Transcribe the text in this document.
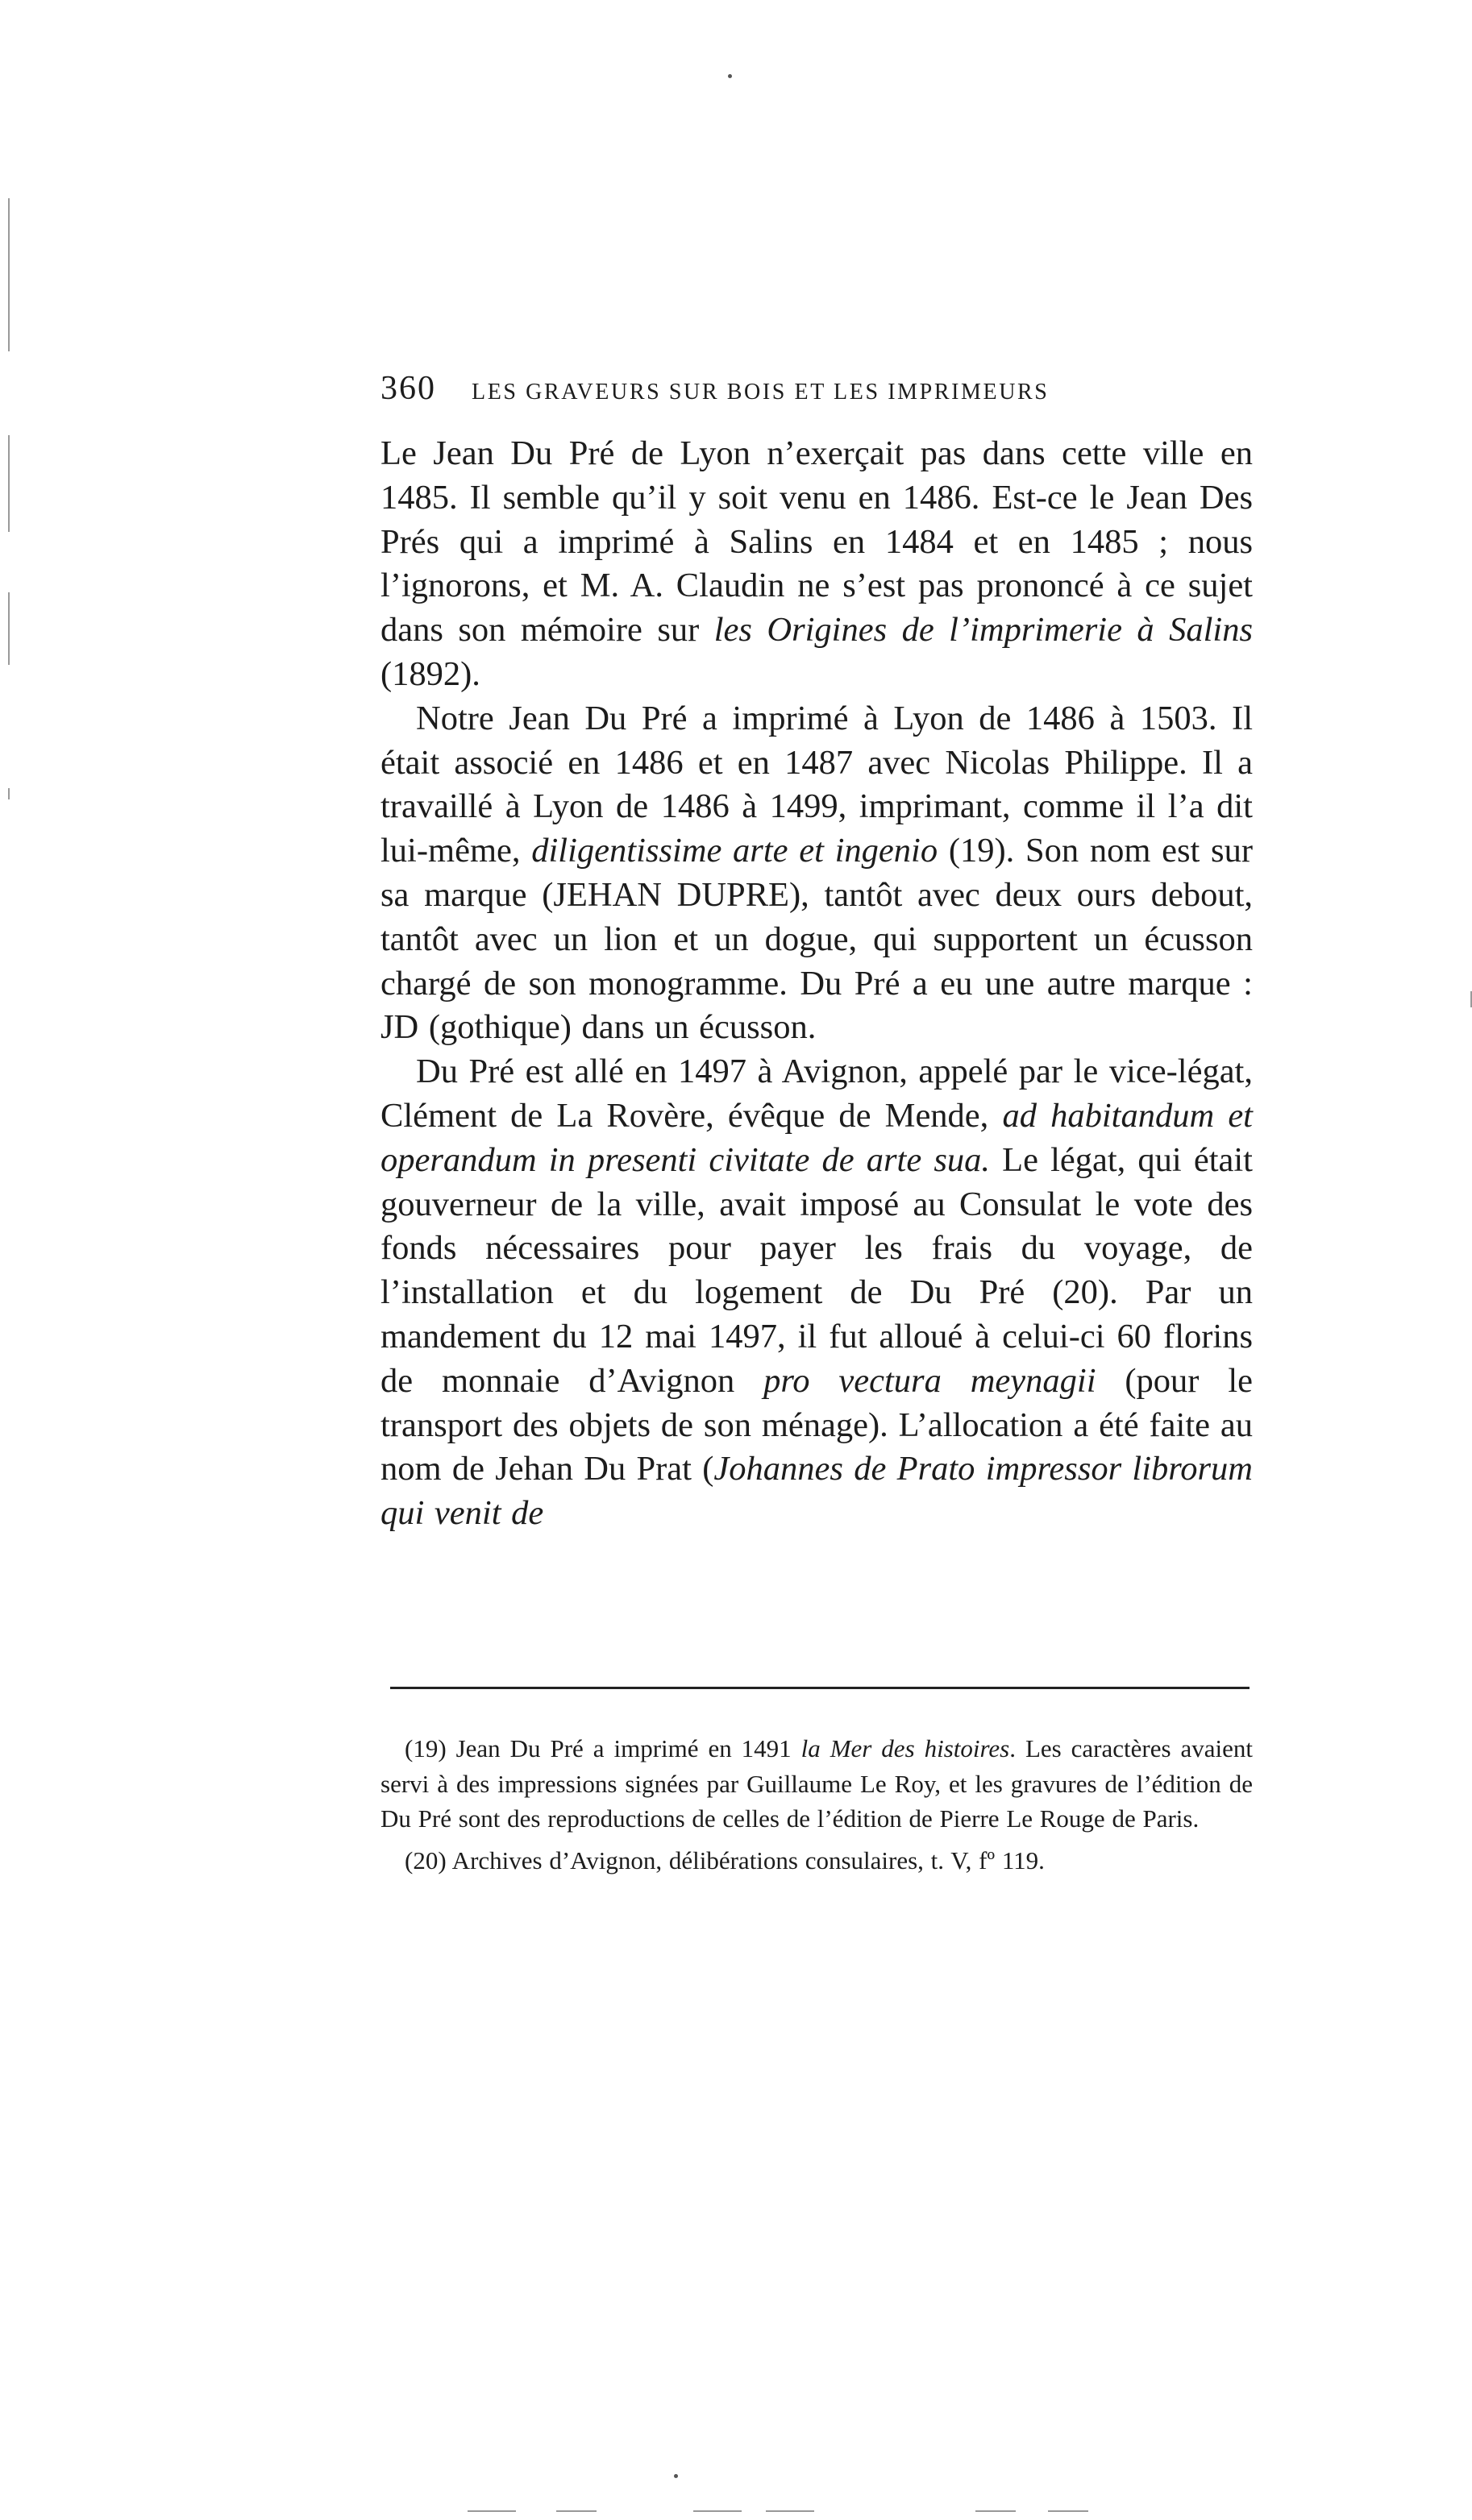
360 LES GRAVEURS SUR BOIS ET LES IMPRIMEURS

Le Jean Du Pré de Lyon n’exerçait pas dans cette ville en 1485. Il semble qu’il y soit venu en 1486. Est-ce le Jean Des Prés qui a imprimé à Salins en 1484 et en 1485 ; nous l’ignorons, et M. A. Claudin ne s’est pas prononcé à ce sujet dans son mémoire sur les Origines de l’imprimerie à Salins (1892).

Notre Jean Du Pré a imprimé à Lyon de 1486 à 1503. Il était associé en 1486 et en 1487 avec Nicolas Philippe. Il a travaillé à Lyon de 1486 à 1499, imprimant, comme il l’a dit lui-même, diligentissime arte et ingenio (19). Son nom est sur sa marque (JEHAN DUPRE), tantôt avec deux ours debout, tantôt avec un lion et un dogue, qui supportent un écusson chargé de son monogramme. Du Pré a eu une autre marque : JD (gothique) dans un écusson.

Du Pré est allé en 1497 à Avignon, appelé par le vice-légat, Clément de La Rovère, évêque de Mende, ad habitandum et operandum in presenti civitate de arte sua. Le légat, qui était gouverneur de la ville, avait imposé au Consulat le vote des fonds nécessaires pour payer les frais du voyage, de l’installation et du logement de Du Pré (20). Par un mandement du 12 mai 1497, il fut alloué à celui-ci 60 florins de monnaie d’Avignon pro vectura meynagii (pour le transport des objets de son ménage). L’allocation a été faite au nom de Jehan Du Prat (Johannes de Prato impressor librorum qui venit de

(19) Jean Du Pré a imprimé en 1491 la Mer des histoires. Les caractères avaient servi à des impressions signées par Guillaume Le Roy, et les gravures de l’édition de Du Pré sont des reproductions de celles de l’édition de Pierre Le Rouge de Paris.

(20) Archives d’Avignon, délibérations consulaires, t. V, fº 119.
